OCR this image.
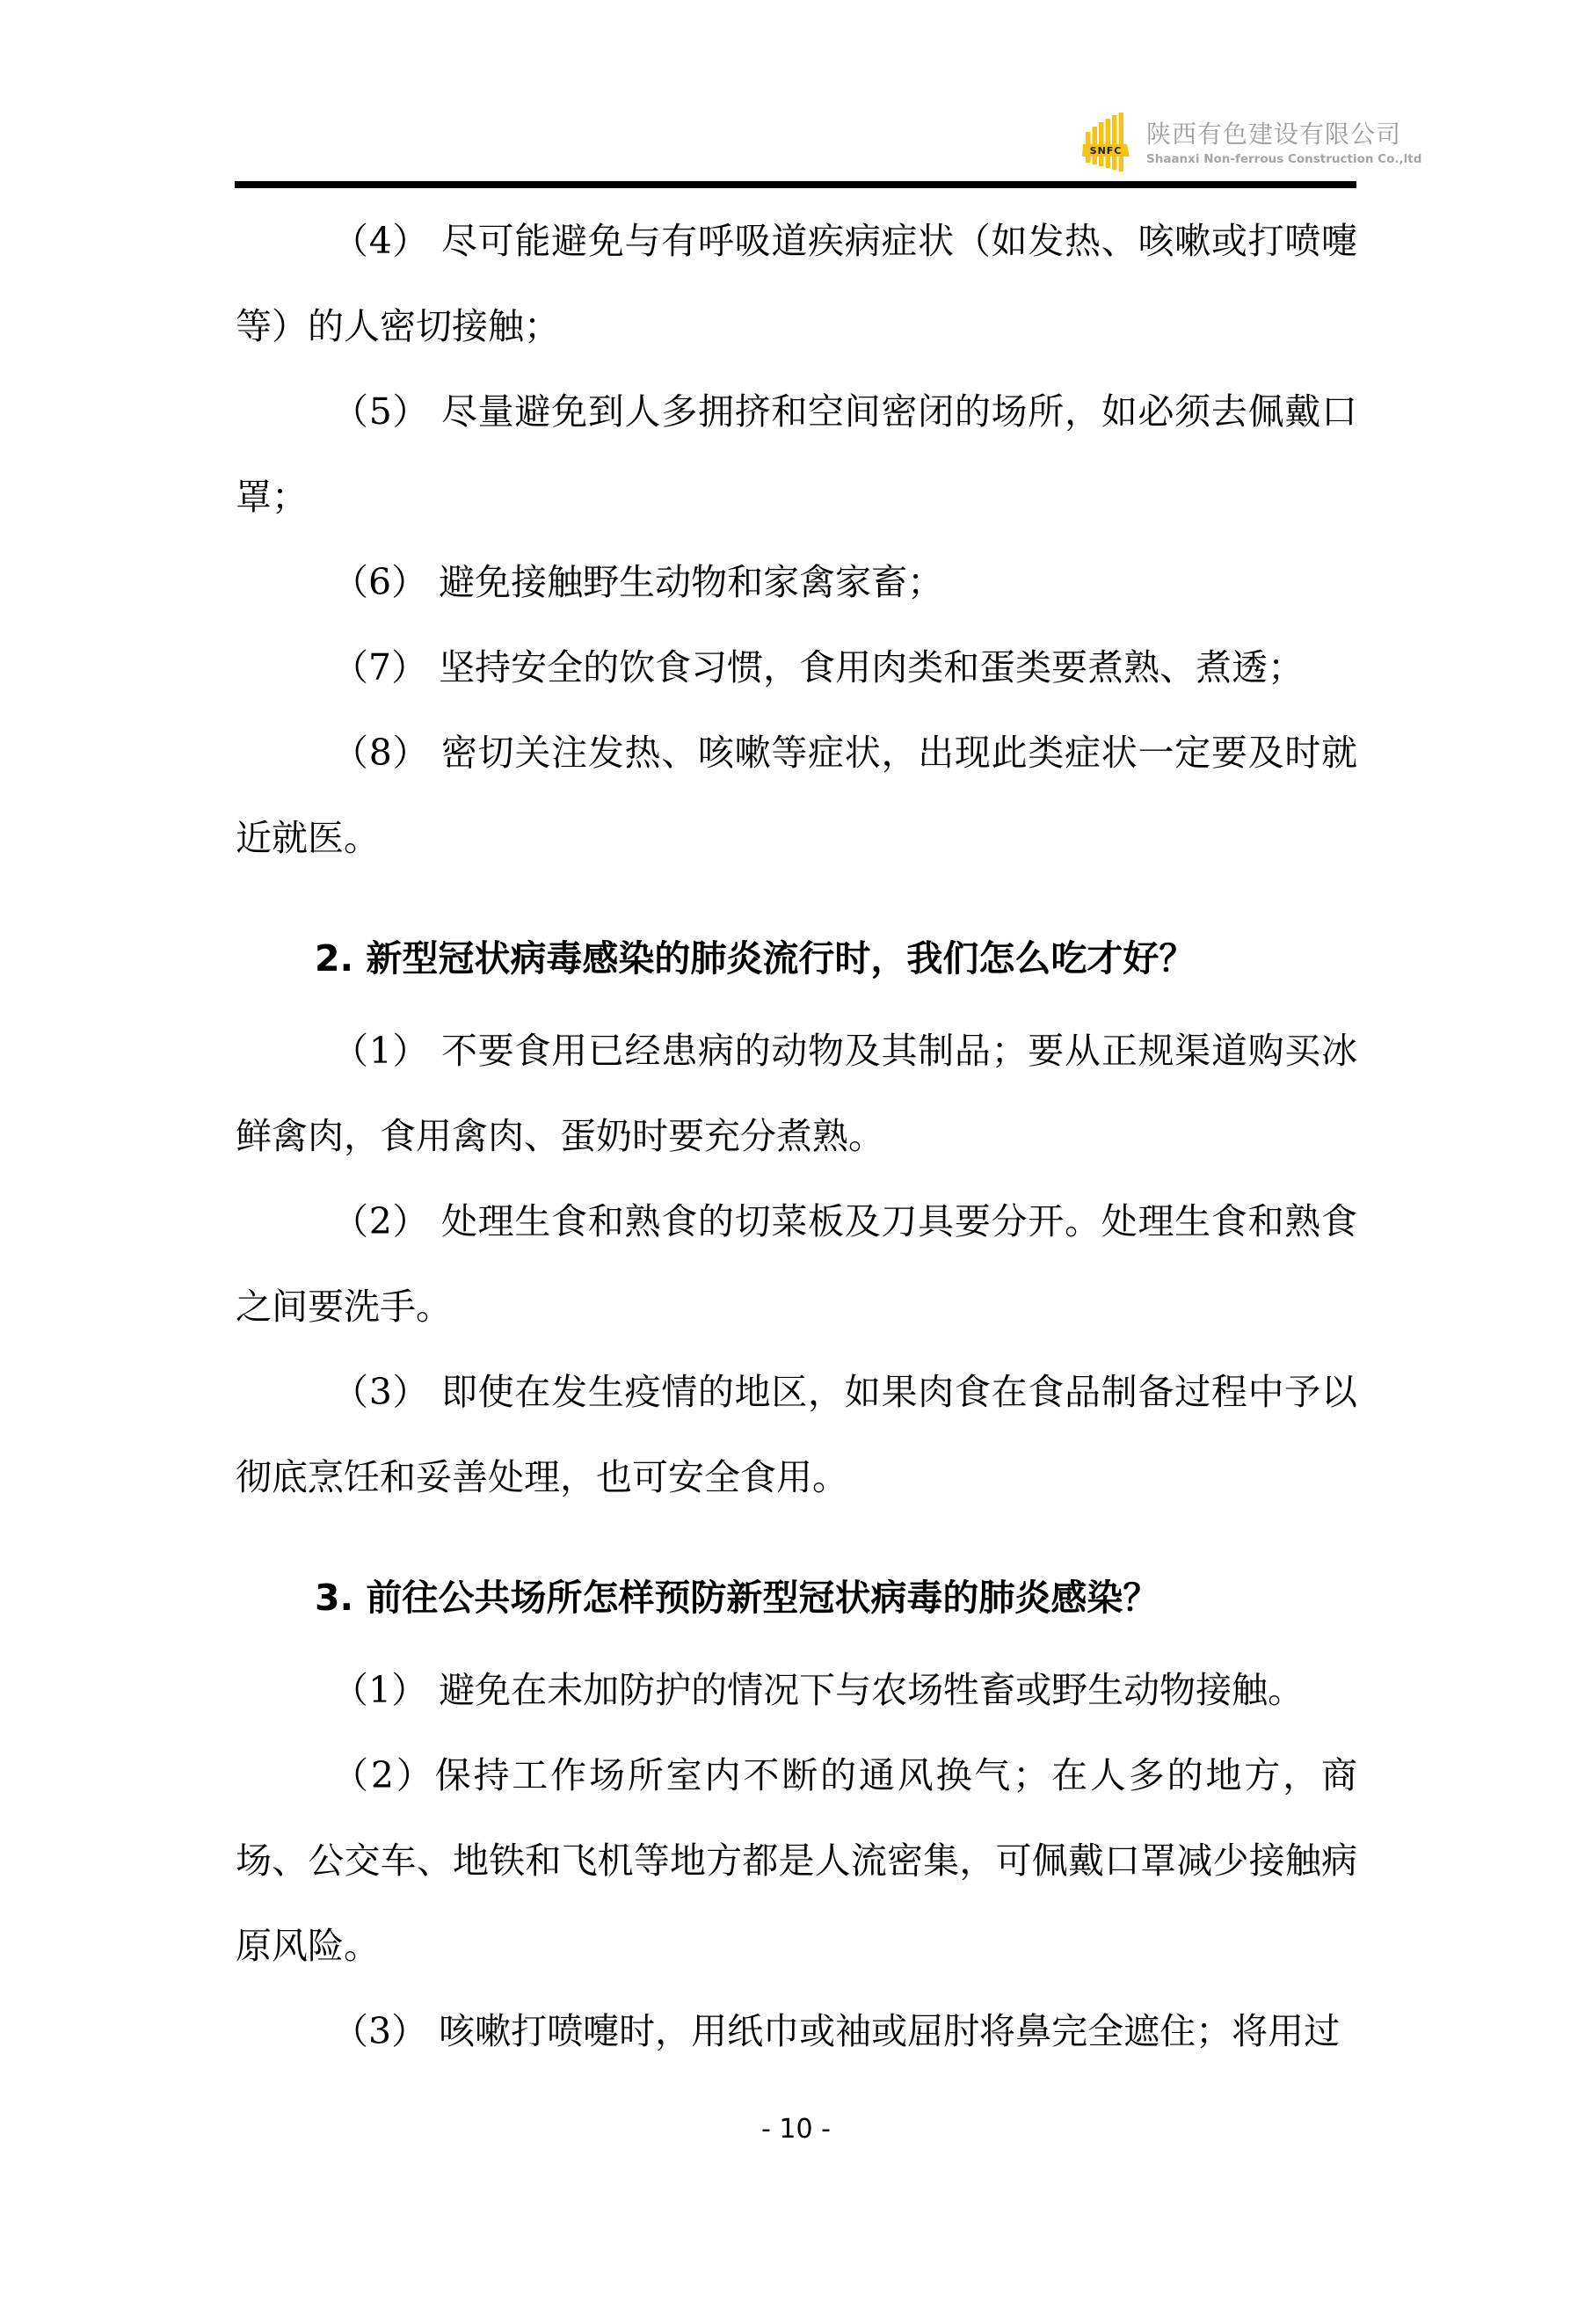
SNFC
陕西有色建设有限公司
Shaanxi Non-ferrous Construction Co.,ltd

（4） 尽可能避免与有呼吸道疾病症状（如发热、咳嗽或打喷嚏等）的人密切接触；

（5） 尽量避免到人多拥挤和空间密闭的场所，如必须去佩戴口罩；

（6） 避免接触野生动物和家禽家畜；

（7） 坚持安全的饮食习惯，食用肉类和蛋类要煮熟、煮透；

（8） 密切关注发热、咳嗽等症状，出现此类症状一定要及时就近就医。

2. 新型冠状病毒感染的肺炎流行时，我们怎么吃才好？

（1） 不要食用已经患病的动物及其制品；要从正规渠道购买冰鲜禽肉，食用禽肉、蛋奶时要充分煮熟。

（2） 处理生食和熟食的切菜板及刀具要分开。处理生食和熟食之间要洗手。

（3） 即使在发生疫情的地区，如果肉食在食品制备过程中予以彻底烹饪和妥善处理，也可安全食用。

3. 前往公共场所怎样预防新型冠状病毒的肺炎感染？

（1） 避免在未加防护的情况下与农场牲畜或野生动物接触。

（2）保持工作场所室内不断的通风换气；在人多的地方，商场、公交车、地铁和飞机等地方都是人流密集，可佩戴口罩减少接触病原风险。

（3） 咳嗽打喷嚏时，用纸巾或袖或屈肘将鼻完全遮住；将用过

- 10 -
